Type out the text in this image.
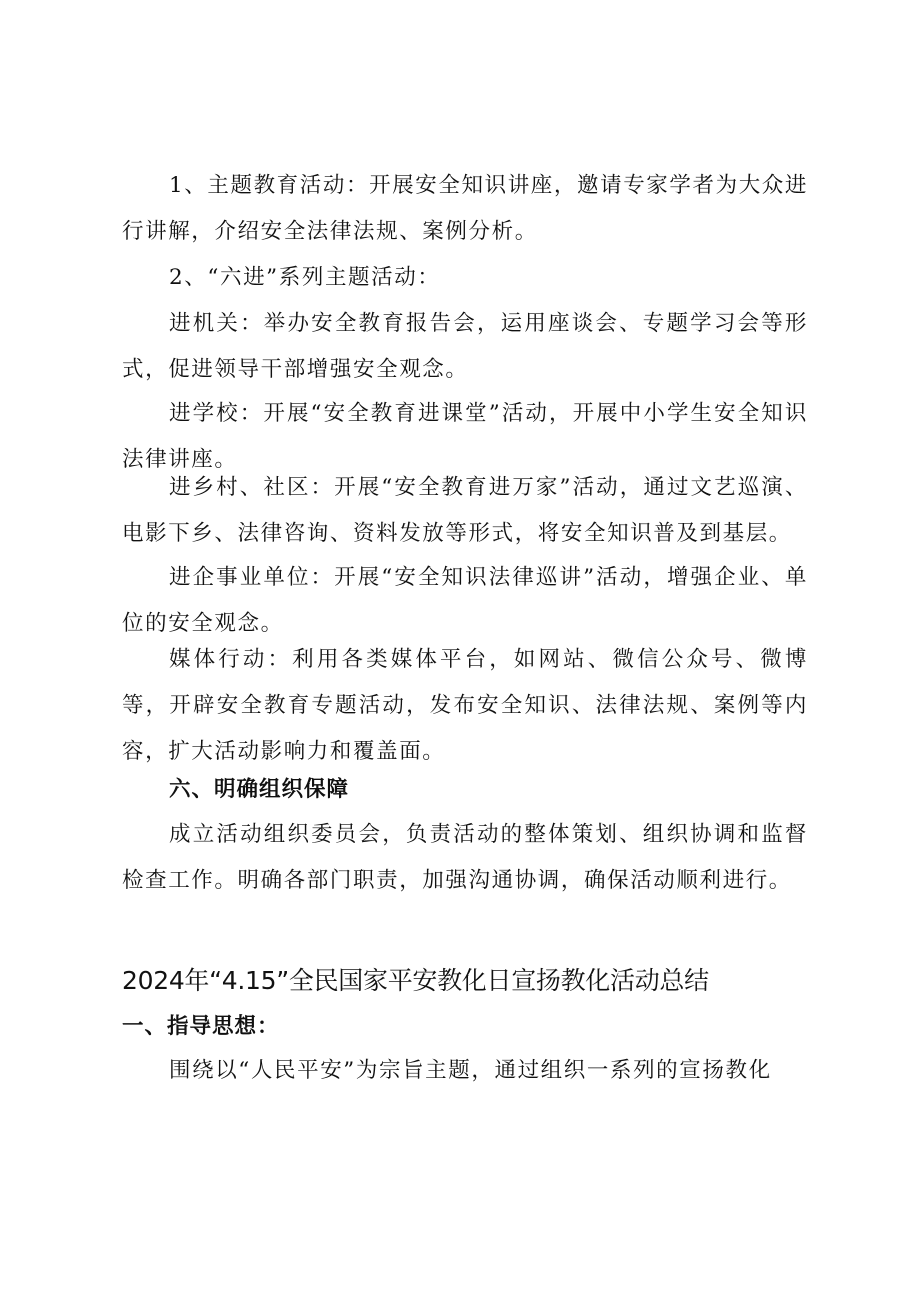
1、主题教育活动：开展安全知识讲座，邀请专家学者为大众进行讲解，介绍安全法律法规、案例分析。

2、“六进”系列主题活动：

进机关：举办安全教育报告会，运用座谈会、专题学习会等形式，促进领导干部增强安全观念。

进学校：开展“安全教育进课堂”活动，开展中小学生安全知识法律讲座。

进乡村、社区：开展“安全教育进万家”活动，通过文艺巡演、电影下乡、法律咨询、资料发放等形式，将安全知识普及到基层。

进企事业单位：开展“安全知识法律巡讲”活动，增强企业、单位的安全观念。

媒体行动：利用各类媒体平台，如网站、微信公众号、微博等，开辟安全教育专题活动，发布安全知识、法律法规、案例等内容，扩大活动影响力和覆盖面。

六、明确组织保障

成立活动组织委员会，负责活动的整体策划、组织协调和监督检查工作。明确各部门职责，加强沟通协调，确保活动顺利进行。

2024年“4.15”全民国家平安教化日宣扬教化活动总结
一、指导思想：

围绕以“人民平安”为宗旨主题，通过组织一系列的宣扬教化
